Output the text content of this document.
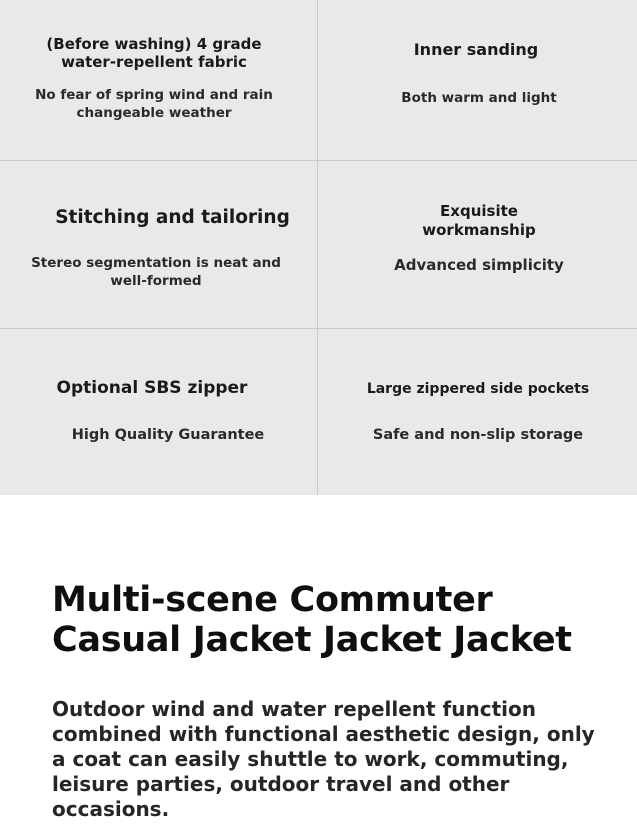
(Before washing) 4 grade water-repellent fabric

No fear of spring wind and rain changeable weather

Inner sanding

Both warm and light

Stitching and tailoring

Stereo segmentation is neat and well-formed

Exquisite workmanship

Advanced simplicity

Optional SBS zipper

High Quality Guarantee

Large zippered side pockets

Safe and non-slip storage

Multi-scene Commuter Casual Jacket Jacket Jacket

Outdoor wind and water repellent function combined with functional aesthetic design, only a coat can easily shuttle to work, commuting, leisure parties, outdoor travel and other occasions.
